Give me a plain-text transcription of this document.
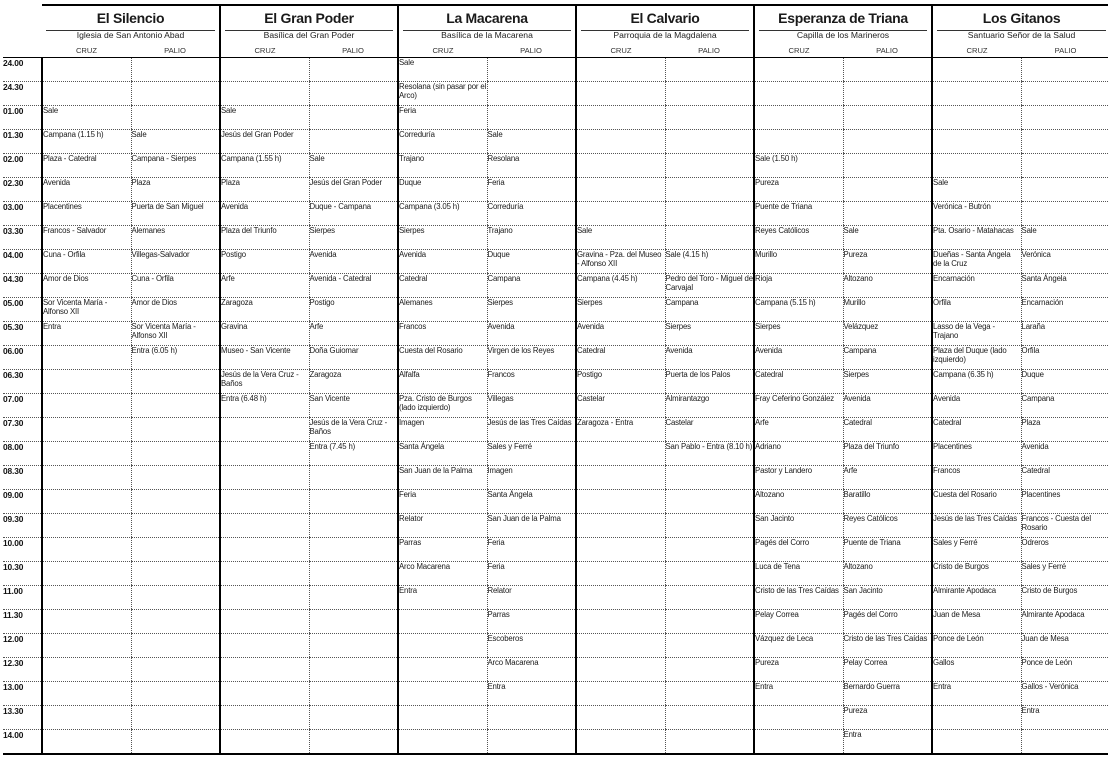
	El Silencio		El Gran Poder		La Macarena		El Calvario		Esperanza de Triana		Los Gitanos	

Iglesia de San Antonio Abad		Basílica del Gran Poder		Basílica de la Macarena		Parroquia de la Magdalena		Capilla de los Marineros		Santuario Señor de la Salud	

	CRUZ	PALIO	CRUZ	PALIO	CRUZ	PALIO	CRUZ	PALIO	CRUZ	PALIO	CRUZ	PALIO
24.00					Sale							
24.30					Resolana (sin pasar por el Arco)							
01.00	Sale		Sale		Feria							
01.30	Campana (1.15 h)	Sale	Jesús del Gran Poder		Correduría	Sale						
02.00	Plaza - Catedral	Campana - Sierpes	Campana (1.55 h)	Sale	Trajano	Resolana			Sale (1.50 h)			
02.30	Avenida	Plaza	Plaza	Jesús del Gran Poder	Duque	Feria			Pureza		Sale	
03.00	Placentines	Puerta de San Miguel	Avenida	Duque - Campana	Campana (3.05 h)	Correduría			Puente de Triana		Verónica - Butrón	
03.30	Francos - Salvador	Alemanes	Plaza del Triunfo	Sierpes	Sierpes	Trajano	Sale		Reyes Católicos	Sale	Pta. Osario - Matahacas	Sale
04.00	Cuna - Orfila	Villegas-Salvador	Postigo	Avenida	Avenida	Duque	Gravina - Pza. del Museo - Alfonso XII	Sale (4.15 h)	Murillo	Pureza	Dueñas - Santa Ángela de la Cruz	Verónica
04.30	Amor de Dios	Cuna - Orfila	Arfe	Avenida - Catedral	Catedral	Campana	Campana (4.45 h)	Pedro del Toro - Miguel de Carvajal	Rioja	Altozano	Encarnación	Santa Ángela
05.00	Sor Vicenta María - Alfonso XII	Amor de Dios	Zaragoza	Postigo	Alemanes	Sierpes	Sierpes	Campana	Campana (5.15 h)	Murillo	Orfila	Encarnación
05.30	Entra	Sor Vicenta María - Alfonso XII	Gravina	Arfe	Francos	Avenida	Avenida	Sierpes	Sierpes	Velázquez	Lasso de la Vega - Trajano	Laraña
06.00		Entra (6.05 h)	Museo - San Vicente	Doña Guiomar	Cuesta del Rosario	Virgen de los Reyes	Catedral	Avenida	Avenida	Campana	Plaza del Duque (lado izquierdo)	Orfila
06.30			Jesús de la Vera Cruz - Baños	Zaragoza	Alfalfa	Francos	Postigo	Puerta de los Palos	Catedral	Sierpes	Campana (6.35 h)	Duque
07.00			Entra (6.48 h)	San Vicente	Pza. Cristo de Burgos (lado izquierdo)	Villegas	Castelar	Almirantazgo	Fray Ceferino González	Avenida	Avenida	Campana
07.30				Jesús de la Vera Cruz - Baños	Imagen	Jesús de las Tres Caídas	Zaragoza - Entra	Castelar	Arfe	Catedral	Catedral	Plaza
08.00				Entra (7.45 h)	Santa Ángela	Sales y Ferré		San Pablo - Entra (8.10 h)	Adriano	Plaza del Triunfo	Placentines	Avenida
08.30					San Juan de la Palma	Imagen			Pastor y Landero	Arfe	Francos	Catedral
09.00					Feria	Santa Ángela			Altozano	Baratillo	Cuesta del Rosario	Placentines
09.30					Relator	San Juan de la Palma			San Jacinto	Reyes Católicos	Jesús de las Tres Caídas	Francos - Cuesta del Rosario
10.00					Parras	Feria			Pagés del Corro	Puente de Triana	Sales y Ferré	Odreros
10.30					Arco Macarena	Feria			Luca de Tena	Altozano	Cristo de Burgos	Sales y Ferré
11.00					Entra	Relator			Cristo de las Tres Caídas	San Jacinto	Almirante Apodaca	Cristo de Burgos
11.30						Parras			Pelay Correa	Pagés del Corro	Juan de Mesa	Almirante Apodaca
12.00						Escoberos			Vázquez de Leca	Cristo de las Tres Caídas	Ponce de León	Juan de Mesa
12.30						Arco Macarena			Pureza	Pelay Correa	Gallos	Ponce de León
13.00						Entra			Entra	Bernardo Guerra	Entra	Gallos - Verónica
13.30										Pureza		Entra
14.00										Entra		
